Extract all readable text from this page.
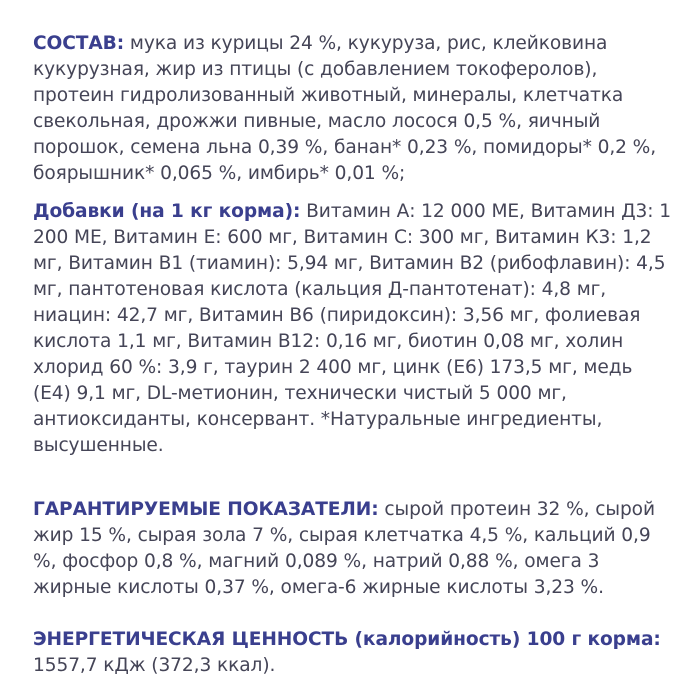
СОСТАВ: мука из курицы 24 %, кукуруза, рис, клейковина кукурузная, жир из птицы (с добавлением токоферолов), протеин гидролизованный животный, минералы, клетчатка свекольная, дрожжи пивные, масло лосося 0,5 %, яичный порошок, семена льна 0,39 %, банан* 0,23 %, помидоры* 0,2 %, боярышник* 0,065 %, имбирь* 0,01 %;

Добавки (на 1 кг корма): Витамин А: 12 000 МЕ, Витамин Д3: 1 200 МЕ, Витамин Е: 600 мг, Витамин С: 300 мг, Витамин К3: 1,2 мг, Витамин В1 (тиамин): 5,94 мг, Витамин В2 (рибофлавин): 4,5 мг, пантотеновая кислота (кальция Д-пантотенат): 4,8 мг, ниацин: 42,7 мг, Витамин В6 (пиридоксин): 3,56 мг, фолиевая кислота 1,1 мг, Витамин В12: 0,16 мг, биотин 0,08 мг, холин хлорид 60 %: 3,9 г, таурин 2 400 мг, цинк (Е6) 173,5 мг, медь (Е4) 9,1 мг, DL-метионин, технически чистый 5 000 мг, антиоксиданты, консервант. *Натуральные ингредиенты, высушенные.

ГАРАНТИРУЕМЫЕ ПОКАЗАТЕЛИ: сырой протеин 32 %, сырой жир 15 %, сырая зола 7 %, сырая клетчатка 4,5 %, кальций 0,9 %, фосфор 0,8 %, магний 0,089 %, натрий 0,88 %, омега 3 жирные кислоты 0,37 %, омега-6 жирные кислоты 3,23 %.

ЭНЕРГЕТИЧЕСКАЯ ЦЕННОСТЬ (калорийность) 100 г корма: 1557,7 кДж (372,3 ккал).
